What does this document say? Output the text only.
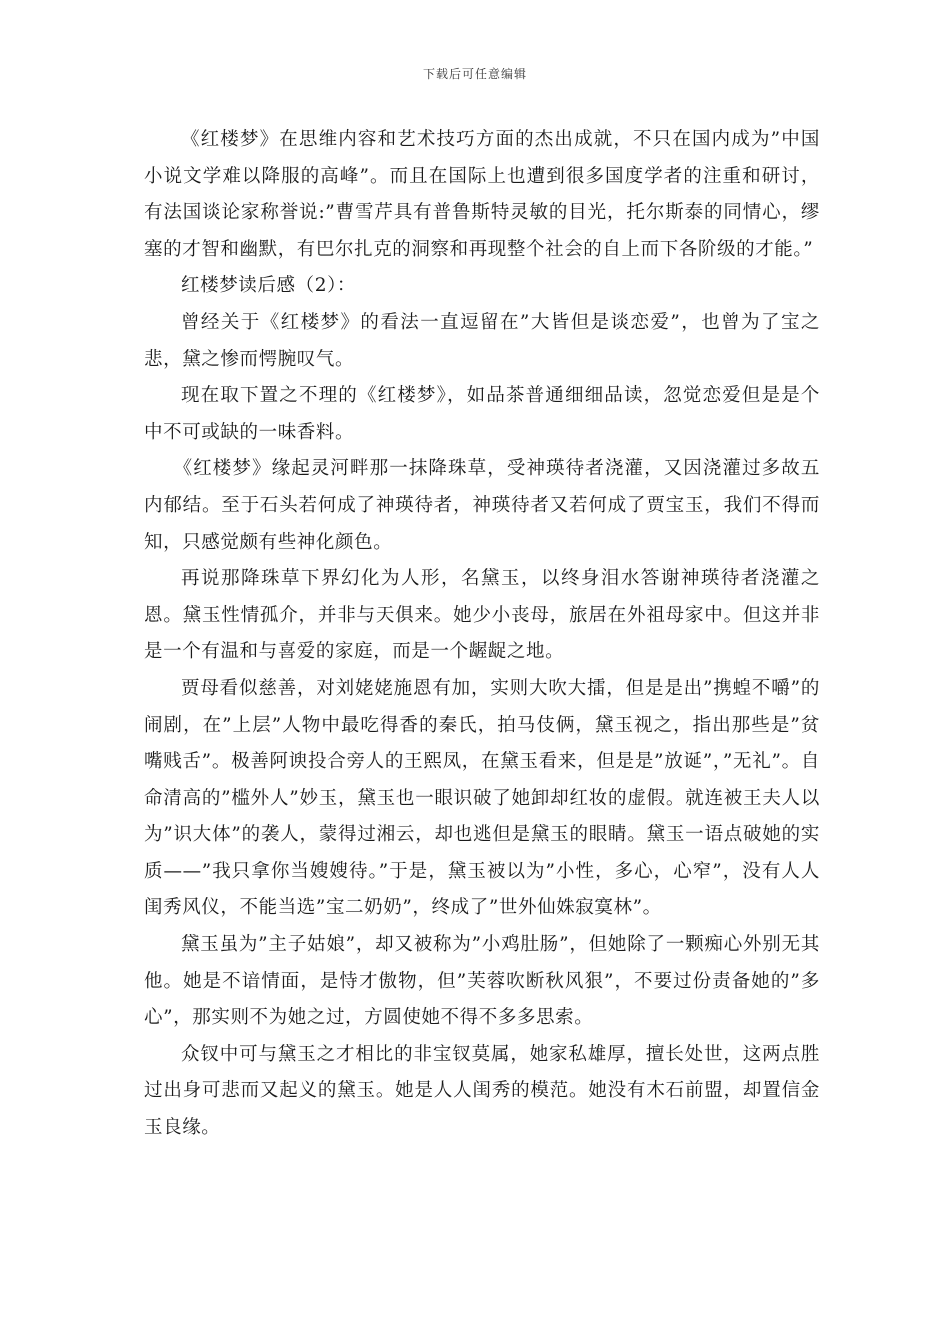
下载后可任意编辑

《红楼梦》在思维内容和艺术技巧方面的杰出成就，不只在国内成为”中国小说文学难以降服的高峰”。而且在国际上也遭到很多国度学者的注重和研讨，有法国谈论家称誉说:”曹雪芹具有普鲁斯特灵敏的目光，托尔斯泰的同情心，缪塞的才智和幽默，有巴尔扎克的洞察和再现整个社会的自上而下各阶级的才能。”

红楼梦读后感（2）：

曾经关于《红楼梦》的看法一直逗留在”大皆但是谈恋爱”，也曾为了宝之悲，黛之惨而愕腕叹气。

现在取下置之不理的《红楼梦》，如品茶普通细细品读，忽觉恋爱但是是个中不可或缺的一味香料。

《红楼梦》缘起灵河畔那一抹降珠草，受神瑛待者浇灌，又因浇灌过多故五内郁结。至于石头若何成了神瑛待者，神瑛待者又若何成了贾宝玉，我们不得而知，只感觉颇有些神化颜色。

再说那降珠草下界幻化为人形，名黛玉，以终身泪水答谢神瑛待者浇灌之恩。黛玉性情孤介，并非与天俱来。她少小丧母，旅居在外祖母家中。但这并非是一个有温和与喜爱的家庭，而是一个龌龊之地。

贾母看似慈善，对刘姥姥施恩有加，实则大吹大擂，但是是出”携蝗不嚼”的闹剧，在”上层”人物中最吃得香的秦氏，拍马伎俩，黛玉视之，指出那些是”贫嘴贱舌”。极善阿谀投合旁人的王熙凤，在黛玉看来，但是是”放诞”，”无礼”。自命清高的”槛外人”妙玉，黛玉也一眼识破了她卸却红妆的虚假。就连被王夫人以为”识大体”的袭人，蒙得过湘云，却也逃但是黛玉的眼睛。黛玉一语点破她的实质——”我只拿你当嫂嫂待。”于是，黛玉被以为”小性，多心，心窄”，没有人人闺秀风仪，不能当选”宝二奶奶”，终成了”世外仙姝寂寞林”。

黛玉虽为”主子姑娘”，却又被称为”小鸡肚肠”，但她除了一颗痴心外别无其他。她是不谙情面，是恃才傲物，但”芙蓉吹断秋风狠”，不要过份责备她的”多心”，那实则不为她之过，方圆使她不得不多多思索。

众钗中可与黛玉之才相比的非宝钗莫属，她家私雄厚，擅长处世，这两点胜过出身可悲而又起义的黛玉。她是人人闺秀的模范。她没有木石前盟，却置信金玉良缘。
